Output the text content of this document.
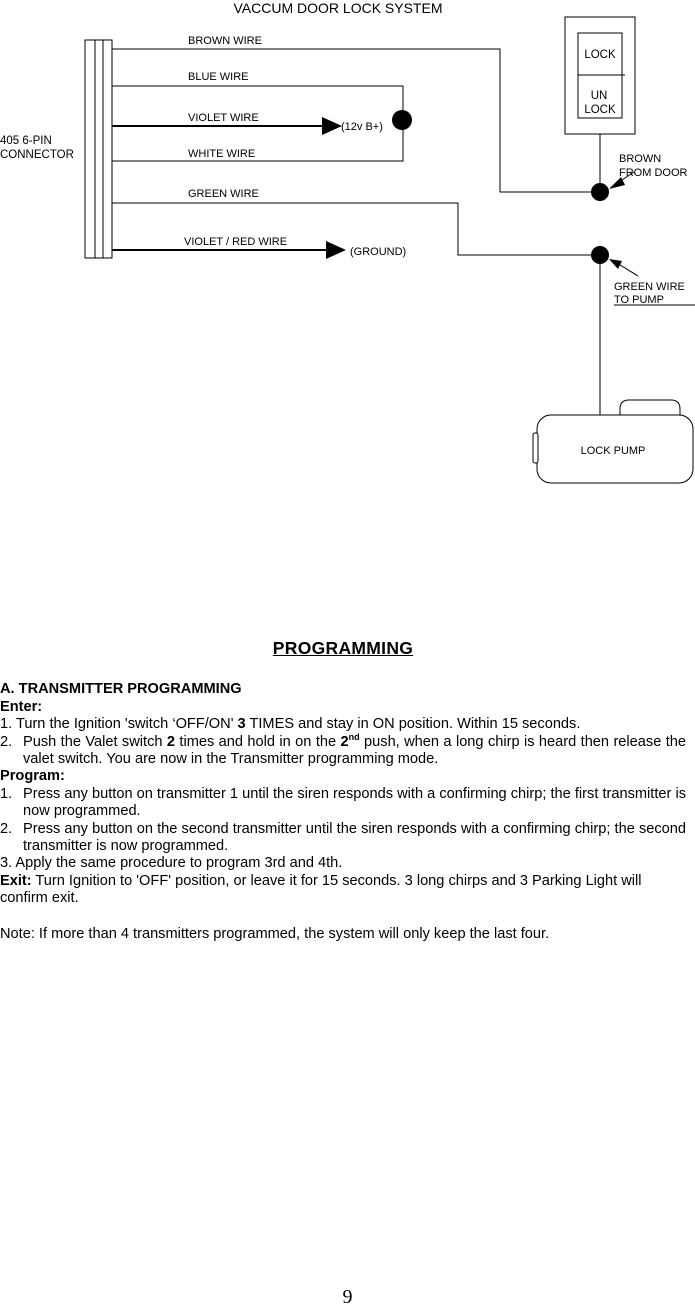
VACCUM DOOR LOCK SYSTEM
405 6-PIN
CONNECTOR
BROWN WIRE
BLUE WIRE
WHITE WIRE
VIOLET WIRE
(12v B+)
GREEN WIRE
VIOLET / RED WIRE
(GROUND)
LOCK
UN
LOCK
BROWN
FROM DOOR
GREEN WIRE
TO PUMP
LOCK PUMP
PROGRAMMING

A. TRANSMITTER PROGRAMMING

Enter:

1. Turn the Ignition 'switch ‘OFF/ON' 3 TIMES and stay in ON position. Within 15 seconds.

2. Push the Valet switch 2 times and hold in on the 2nd push, when a long chirp is heard then release the valet switch. You are now in the Transmitter programming mode.

Program:

1. Press any button on transmitter 1 until the siren responds with a confirming chirp; the first transmitter is now programmed.
2. Press any button on the second transmitter until the siren responds with a confirming chirp; the second transmitter is now programmed.

3. Apply the same procedure to program 3rd and 4th.

Exit: Turn Ignition to 'OFF' position, or leave it for 15 seconds. 3 long chirps and 3 Parking Light will confirm exit.

Note: If more than 4 transmitters programmed, the system will only keep the last four.

9
